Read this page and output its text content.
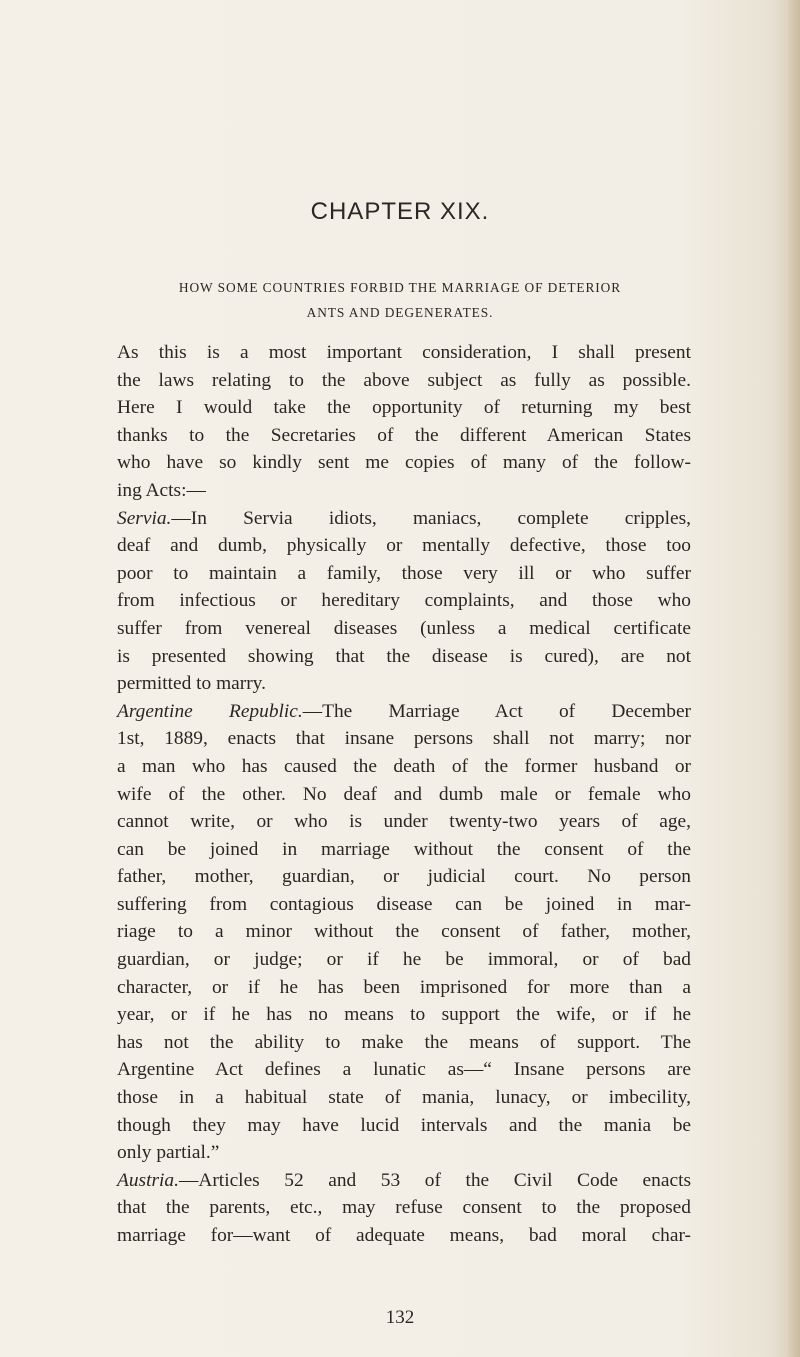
CHAPTER XIX.
HOW SOME COUNTRIES FORBID THE MARRIAGE OF DETERIOR
ANTS AND DEGENERATES.
As this is a most important consideration, I shall present
the laws relating to the above subject as fully as possible.
Here I would take the opportunity of returning my best
thanks to the Secretaries of the different American States
who have so kindly sent me copies of many of the follow-
ing Acts:—
Servia.—In Servia idiots, maniacs, complete cripples,
deaf and dumb, physically or mentally defective, those too
poor to maintain a family, those very ill or who suffer
from infectious or hereditary complaints, and those who
suffer from venereal diseases (unless a medical certificate
is presented showing that the disease is cured), are not
permitted to marry.
Argentine Republic.—The Marriage Act of December
1st, 1889, enacts that insane persons shall not marry; nor
a man who has caused the death of the former husband or
wife of the other. No deaf and dumb male or female who
cannot write, or who is under twenty-two years of age,
can be joined in marriage without the consent of the
father, mother, guardian, or judicial court. No person
suffering from contagious disease can be joined in mar-
riage to a minor without the consent of father, mother,
guardian, or judge; or if he be immoral, or of bad
character, or if he has been imprisoned for more than a
year, or if he has no means to support the wife, or if he
has not the ability to make the means of support. The
Argentine Act defines a lunatic as—“ Insane persons are
those in a habitual state of mania, lunacy, or imbecility,
though they may have lucid intervals and the mania be
only partial.”
Austria.—Articles 52 and 53 of the Civil Code enacts
that the parents, etc., may refuse consent to the proposed
marriage for—want of adequate means, bad moral char-
132
